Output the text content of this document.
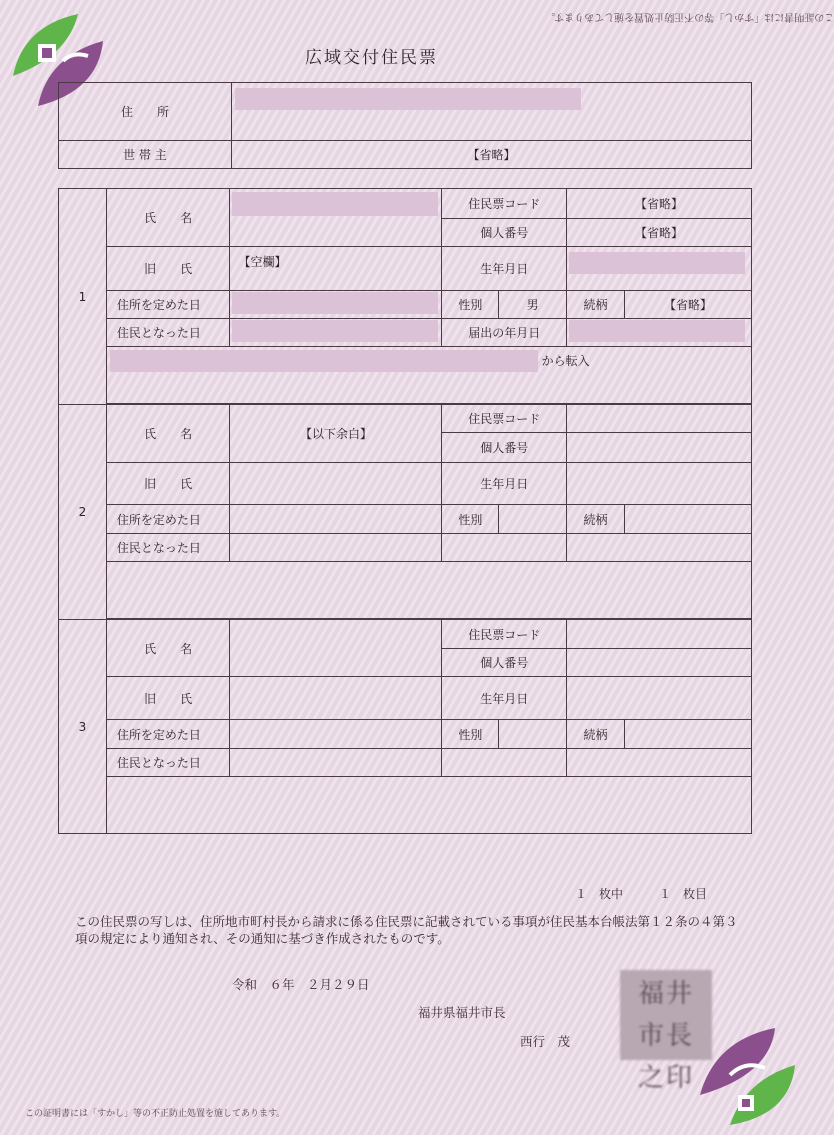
この証明書には「すかし」等の不正防止処置を施してあります。
広域交付住民票
住　　所	
世 帯 主	【省略】
1	氏　　名		住民票コード		【省略】	
			個人番号		【省略】	
	旧　　氏	【空欄】	生年月日			
	住所を定めた日		性別	男	続柄	【省略】
	住民となった日		届出の年月日			
	から転入					

2	氏　　名	【以下余白】	住民票コード			
			個人番号			
	旧　　氏		生年月日			
	住所を定めた日		性別		続柄	
	住民となった日					

3	氏　　名		住民票コード			
			個人番号			
	旧　　氏		生年月日			
	住所を定めた日		性別		続柄	
	住民となった日					

１　枚中　　　１　枚目
この住民票の写しは、住所地市町村長から請求に係る住民票に記載されている事項が住民基本台帳法第１２条の４第３項の規定により通知され、その通知に基づき作成されたものです。
令和　６年　２月２９日
福井県福井市長
西行　茂
福井市長之印
この証明書には「すかし」等の不正防止処置を施してあります。
